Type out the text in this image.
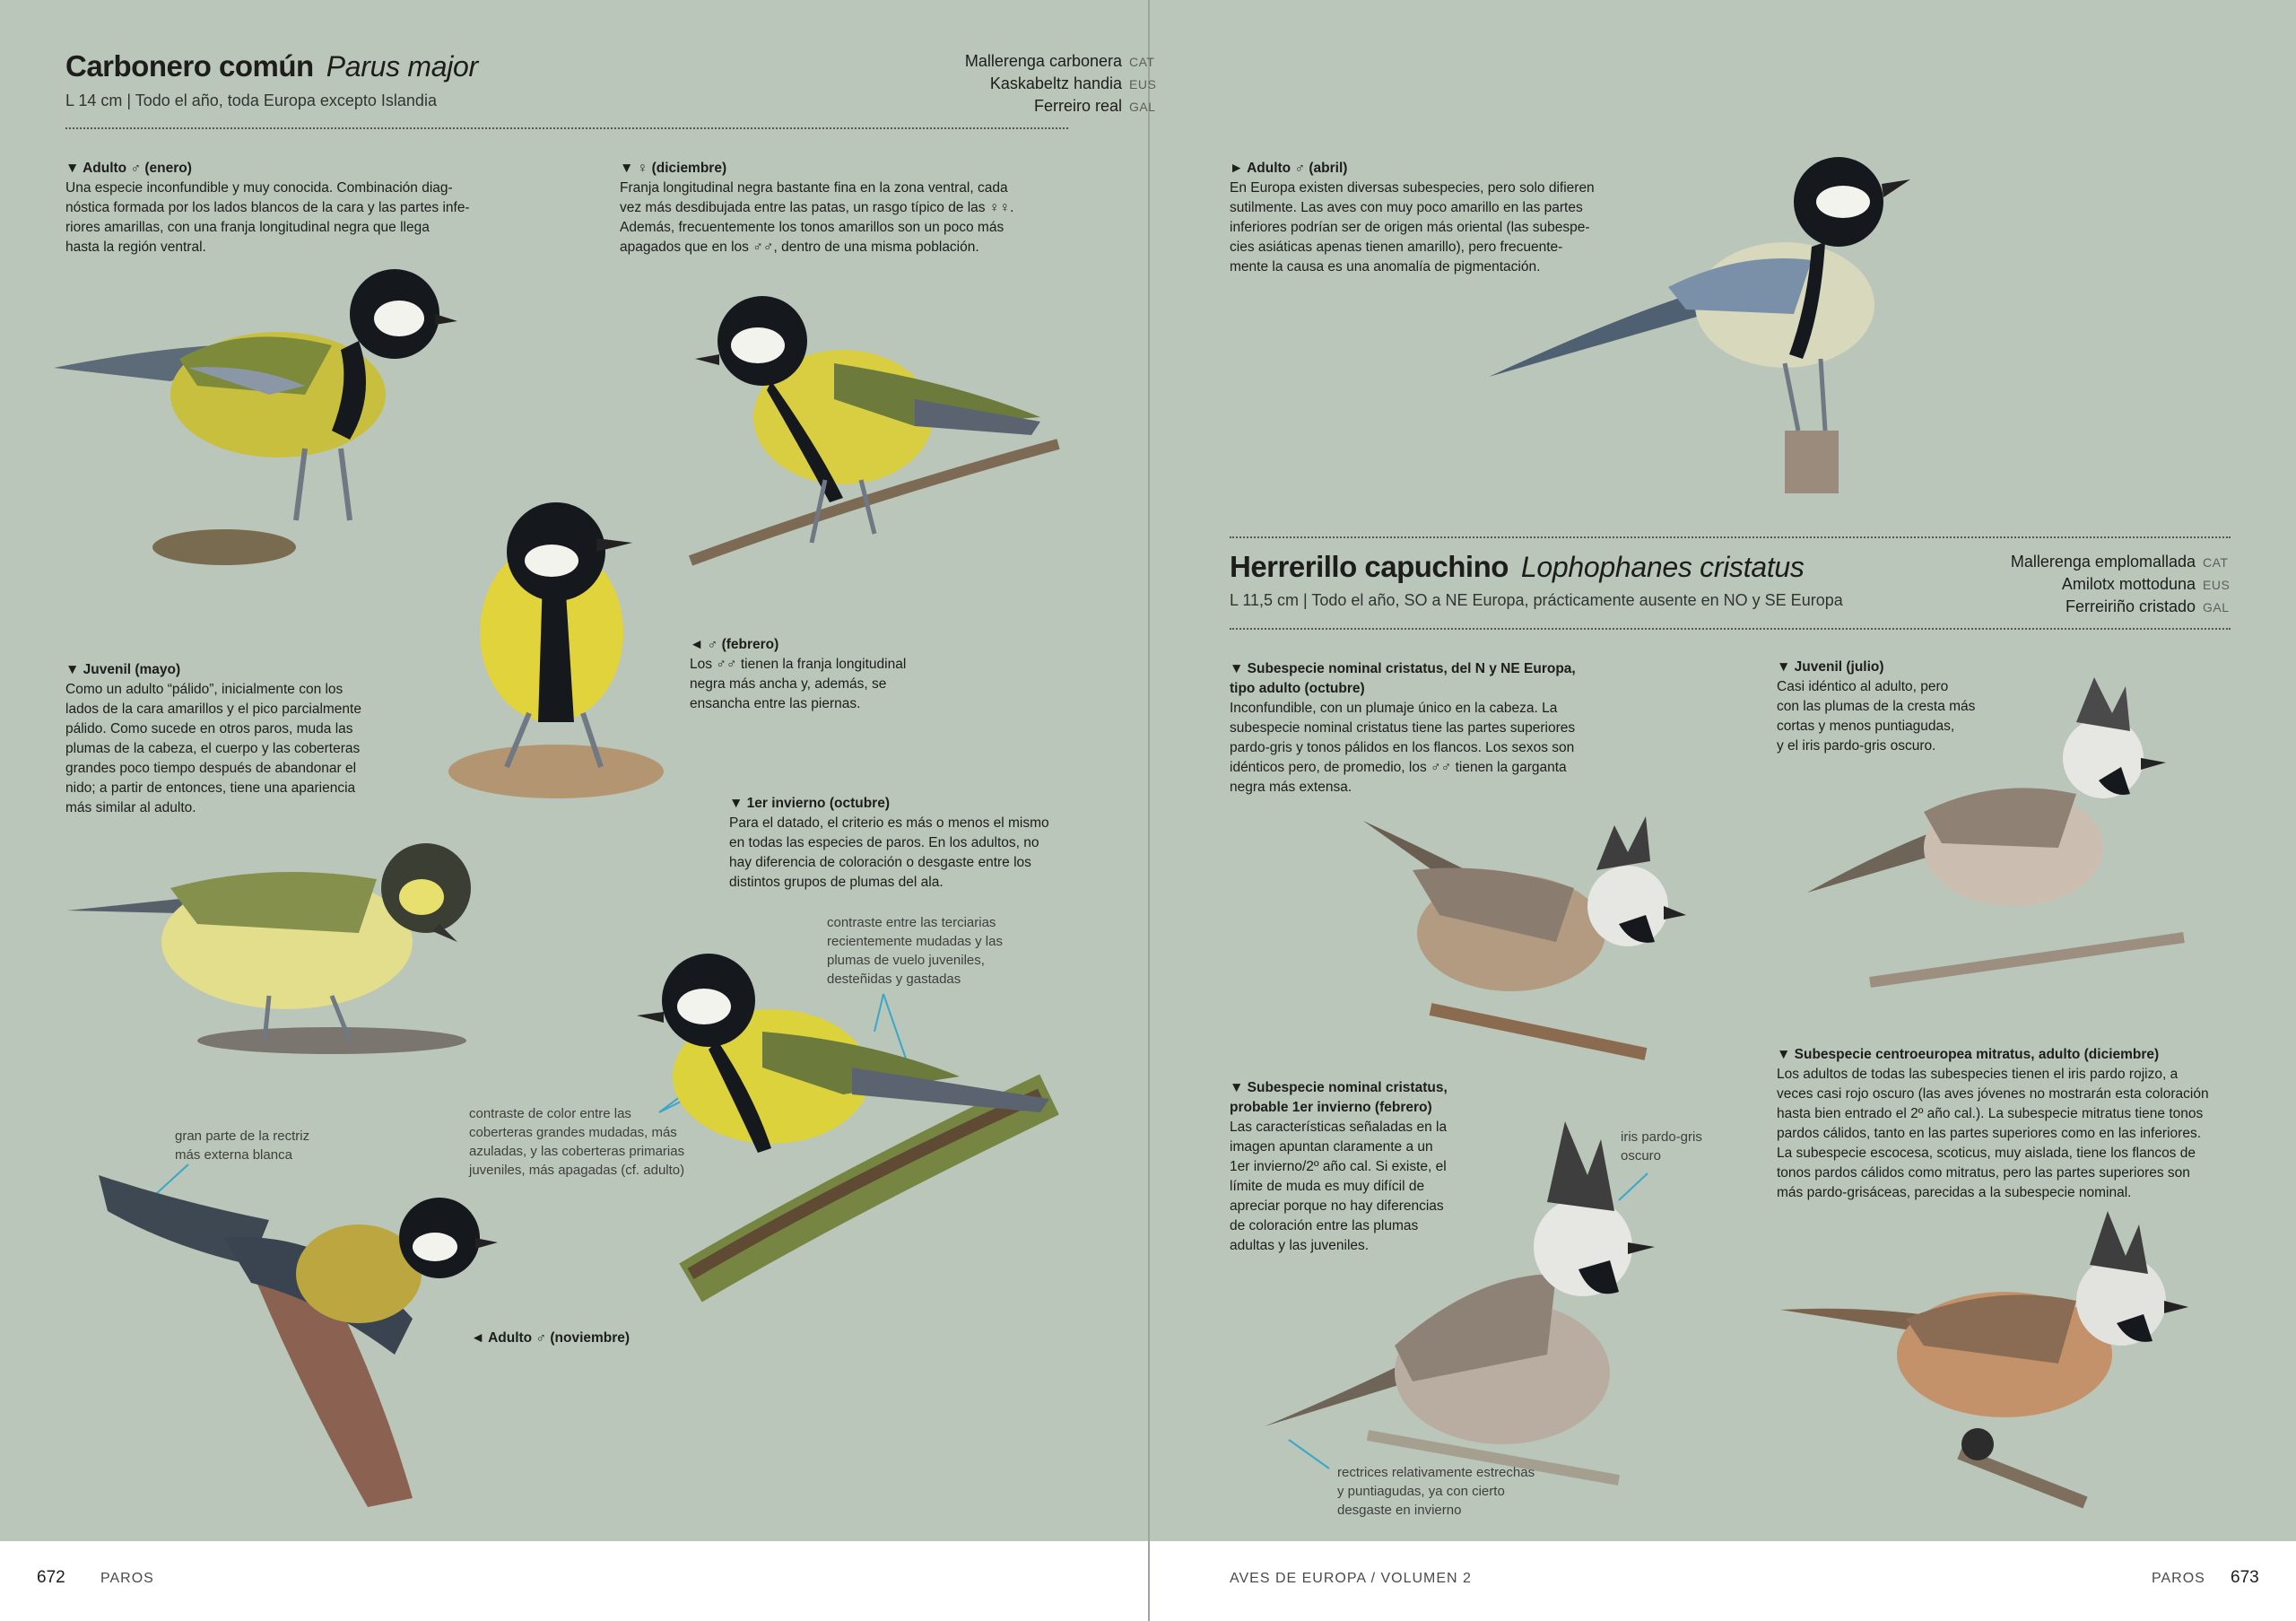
Carbonero común Parus major
L 14 cm | Todo el año, toda Europa excepto Islandia
Mallerenga carbonera CAT
Kaskabeltz handia EUS
Ferreiro real GAL
▼ Adulto ♂ (enero)
Una especie inconfundible y muy conocida. Combinación diag-
nóstica formada por los lados blancos de la cara y las partes infe-
riores amarillas, con una franja longitudinal negra que llega
hasta la región ventral.
▼ ♀ (diciembre)
Franja longitudinal negra bastante fina en la zona ventral, cada
vez más desdibujada entre las patas, un rasgo típico de las ♀♀.
Además, frecuentemente los tonos amarillos son un poco más
apagados que en los ♂♂, dentro de una misma población.
◄ ♂ (febrero)
Los ♂♂ tienen la franja longitudinal
negra más ancha y, además, se
ensancha entre las piernas.
▼ Juvenil (mayo)
Como un adulto “pálido”, inicialmente con los
lados de la cara amarillos y el pico parcialmente
pálido. Como sucede en otros paros, muda las
plumas de la cabeza, el cuerpo y las coberteras
grandes poco tiempo después de abandonar el
nido; a partir de entonces, tiene una apariencia
más similar al adulto.	▼ 1er invierno (octubre)
Para el datado, el criterio es más o menos el mismo
en todas las especies de paros. En los adultos, no
hay diferencia de coloración o desgaste entre los
distintos grupos de plumas del ala.
◄ Adulto ♂ (noviembre)
contraste entre las terciarias
recientemente mudadas y las
plumas de vuelo juveniles,
desteñidas y gastadas
contraste de color entre las
coberteras grandes mudadas, más
azuladas, y las coberteras primarias
juveniles, más apagadas (cf. adulto)
gran parte de la rectriz
más externa blanca
672 PAROS
► Adulto ♂ (abril)
En Europa existen diversas subespecies, pero solo difieren
sutilmente. Las aves con muy poco amarillo en las partes
inferiores podrían ser de origen más oriental (las subespe-
cies asiáticas apenas tienen amarillo), pero frecuente-
mente la causa es una anomalía de pigmentación.
Herrerillo capuchino Lophophanes cristatus
L 11,5 cm | Todo el año, SO a NE Europa, prácticamente ausente en NO y SE Europa
Mallerenga emplomallada CAT
Amilotx mottoduna EUS
Ferreiriño cristado GAL
▼ Subespecie nominal cristatus, del N y NE Europa,
tipo adulto (octubre)
Inconfundible, con un plumaje único en la cabeza. La
subespecie nominal cristatus tiene las partes superiores
pardo-gris y tonos pálidos en los flancos. Los sexos son
idénticos pero, de promedio, los ♂♂ tienen la garganta
negra más extensa.
▼ Juvenil (julio)
Casi idéntico al adulto, pero
con las plumas de la cresta más
cortas y menos puntiagudas,
y el iris pardo-gris oscuro.
▼ Subespecie centroeuropea mitratus, adulto (diciembre)
Los adultos de todas las subespecies tienen el iris pardo rojizo, a
veces casi rojo oscuro (las aves jóvenes no mostrarán esta coloración
hasta bien entrado el 2º año cal.). La subespecie mitratus tiene tonos
pardos cálidos, tanto en las partes superiores como en las inferiores.
La subespecie escocesa, scoticus, muy aislada, tiene los flancos de
tonos pardos cálidos como mitratus, pero las partes superiores son
más pardo-grisáceas, parecidas a la subespecie nominal.
▼ Subespecie nominal cristatus,
probable 1er invierno (febrero)
Las características señaladas en la
imagen apuntan claramente a un
1er invierno/2º año cal. Si existe, el
límite de muda es muy difícil de
apreciar porque no hay diferencias
de coloración entre las plumas
adultas y las juveniles.
iris pardo-gris
oscuro
rectrices relativamente estrechas
y puntiagudas, ya con cierto
desgaste en invierno
AVES DE EUROPA / VOLUMEN 2	PAROS 673
